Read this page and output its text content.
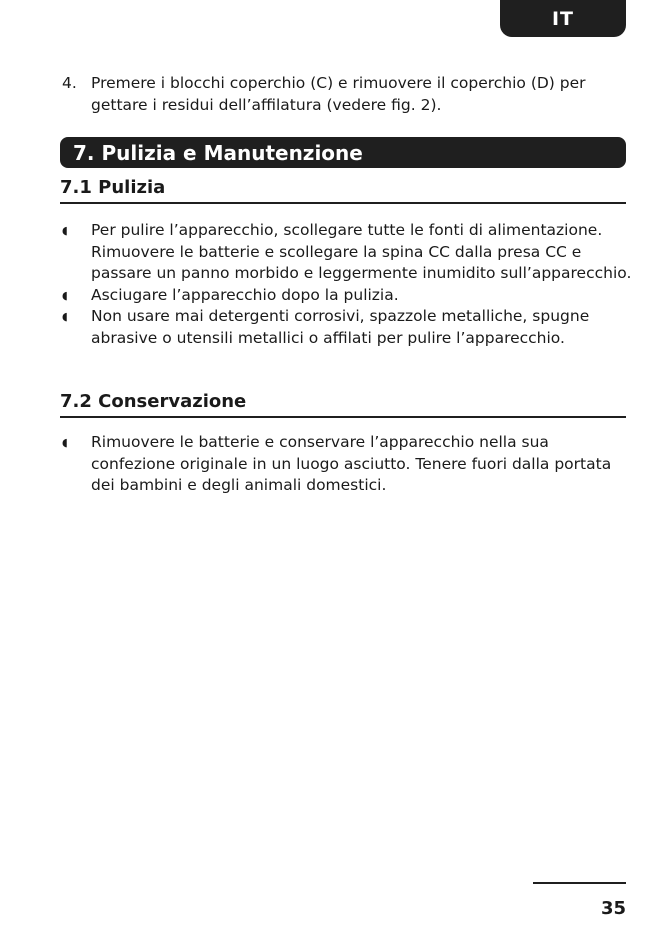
IT
4. Premere i blocchi coperchio (C) e rimuovere il coperchio (D) per gettare i residui dell’affilatura (vedere fig. 2).
7. Pulizia e Manutenzione
7.1 Pulizia
◖	Per pulire l’apparecchio, scollegare tutte le fonti di alimentazione. Rimuovere le batterie e scollegare la spina CC dalla presa CC e passare un panno morbido e leggermente inumidito sull’apparecchio.
◖	Asciugare l’apparecchio dopo la pulizia.
◖	Non usare mai detergenti corrosivi, spazzole metalliche, spugne abrasive o utensili metallici o affilati per pulire l’apparecchio.
7.2 Conservazione
◖	Rimuovere le batterie e conservare l’apparecchio nella sua confezione originale in un luogo asciutto. Tenere fuori dalla portata dei bambini e degli animali domestici.
35
